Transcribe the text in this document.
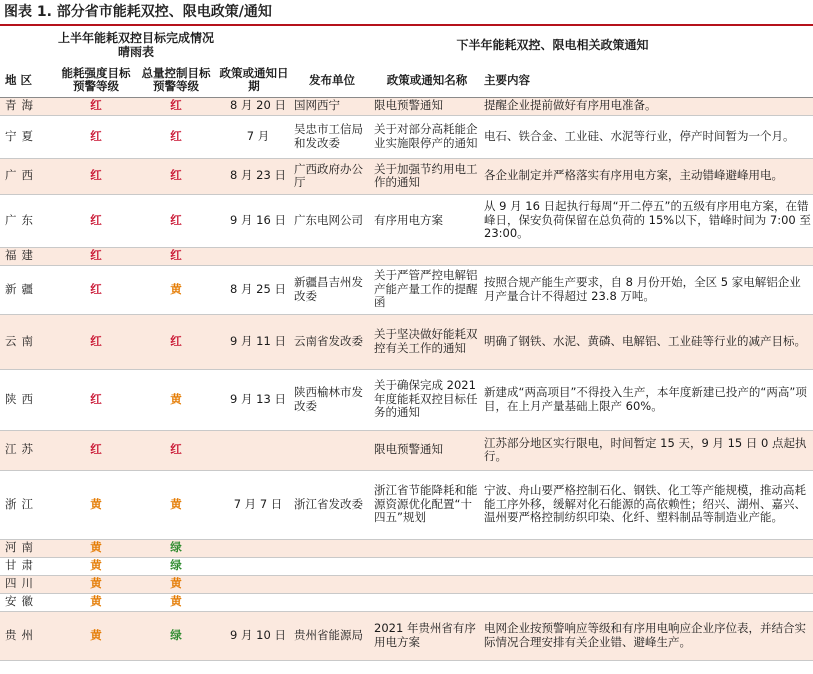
图表 1. 部分省市能耗双控、限电政策/通知
	上半年能耗双控目标完成情况晴雨表			下半年能耗双控、限电相关政策通知		
地 区	能耗强度目标预警等级	总量控制目标预警等级	政策或通知日期	发布单位	政策或通知名称	主要内容
青海	红	红	8 月 20 日	国网西宁	限电预警通知	提醒企业提前做好有序用电准备。
宁夏	红	红	7 月	吴忠市工信局和发改委	关于对部分高耗能企业实施限停产的通知	电石、铁合金、工业硅、水泥等行业，停产时间暂为一个月。
广西	红	红	8 月 23 日	广西政府办公厅	关于加强节约用电工作的通知	各企业制定并严格落实有序用电方案，主动错峰避峰用电。
广东	红	红	9 月 16 日	广东电网公司	有序用电方案	从 9 月 16 日起执行每周“开二停五”的五级有序用电方案，在错峰日，保安负荷保留在总负荷的 15%以下，错峰时间为 7:00 至 23:00。
福建	红	红				
新疆	红	黄	8 月 25 日	新疆昌吉州发改委	关于严管严控电解铝产能产量工作的提醒函	按照合规产能生产要求，自 8 月份开始，全区 5 家电解铝企业月产量合计不得超过 23.8 万吨。
云南	红	红	9 月 11 日	云南省发改委	关于坚决做好能耗双控有关工作的通知	明确了钢铁、水泥、黄磷、电解铝、工业硅等行业的减产目标。
陕西	红	黄	9 月 13 日	陕西榆林市发改委	关于确保完成 2021 年度能耗双控目标任务的通知	新建成“两高项目”不得投入生产，本年度新建已投产的“两高”项目，在上月产量基础上限产 60%。
江苏	红	红			限电预警通知	江苏部分地区实行限电，时间暂定 15 天，9 月 15 日 0 点起执行。
浙江	黄	黄	7 月 7 日	浙江省发改委	浙江省节能降耗和能源资源优化配置“十四五”规划	宁波、舟山要严格控制石化、钢铁、化工等产能规模，推动高耗能工序外移，缓解对化石能源的高依赖性；绍兴、湖州、嘉兴、温州要严格控制纺织印染、化纤、塑料制品等制造业产能。
河南	黄	绿				
甘肃	黄	绿				
四川	黄	黄				
安徽	黄	黄				
贵州	黄	绿	9 月 10 日	贵州省能源局	2021 年贵州省有序用电方案	电网企业按预警响应等级和有序用电响应企业序位表，并结合实际情况合理安排有关企业错、避峰生产。
